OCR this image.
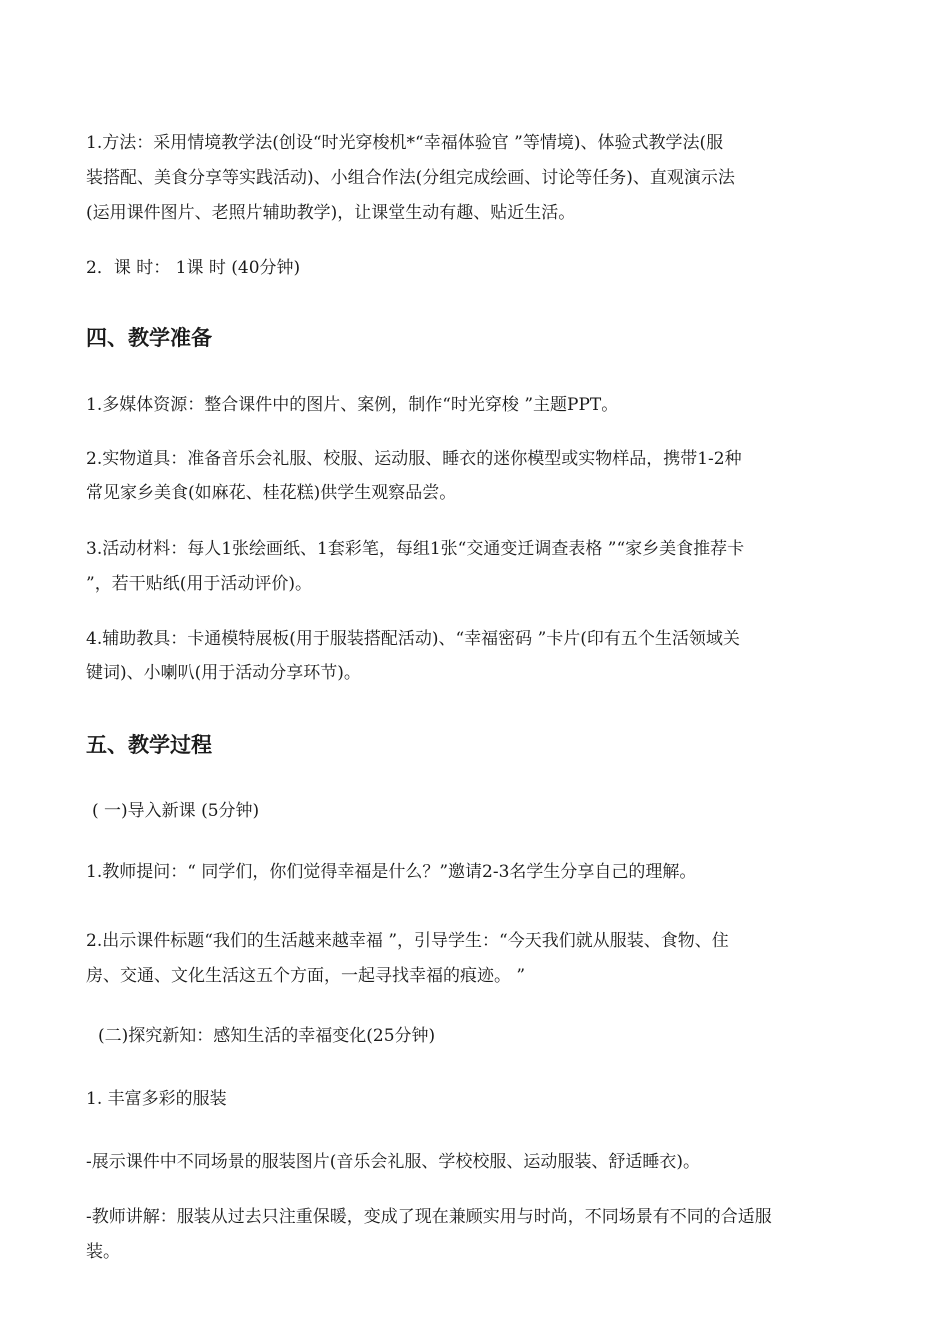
1.方法：采用情境教学法(创设“时光穿梭机*“幸福体验官 ”等情境)、体验式教学法(服
装搭配、美食分享等实践活动)、小组合作法(分组完成绘画、讨论等任务)、直观演示法
(运用课件图片、老照片辅助教学)，让课堂生动有趣、贴近生活。
2．课 时： 1课 时 (40分钟)
四、教学准备
1.多媒体资源：整合课件中的图片、案例，制作“时光穿梭 ”主题PPT。
2.实物道具：准备音乐会礼服、校服、运动服、睡衣的迷你模型或实物样品，携带1-2种
常见家乡美食(如麻花、桂花糕)供学生观察品尝。
3.活动材料：每人1张绘画纸、1套彩笔，每组1张“交通变迁调查表格 ”“家乡美食推荐卡
”，若干贴纸(用于活动评价)。
4.辅助教具：卡通模特展板(用于服装搭配活动)、“幸福密码 ”卡片(印有五个生活领域关
键词)、小喇叭(用于活动分享环节)。
五、教学过程
( 一)导入新课 (5分钟)
1.教师提问：“ 同学们，你们觉得幸福是什么？”邀请2-3名学生分享自己的理解。
2.出示课件标题“我们的生活越来越幸福 ”，引导学生：“今天我们就从服装、食物、住
房、交通、文化生活这五个方面，一起寻找幸福的痕迹。 ”
(二)探究新知：感知生活的幸福变化(25分钟)
1. 丰富多彩的服装
-展示课件中不同场景的服装图片(音乐会礼服、学校校服、运动服装、舒适睡衣)。
-教师讲解：服装从过去只注重保暖，变成了现在兼顾实用与时尚，不同场景有不同的合适服
装。
